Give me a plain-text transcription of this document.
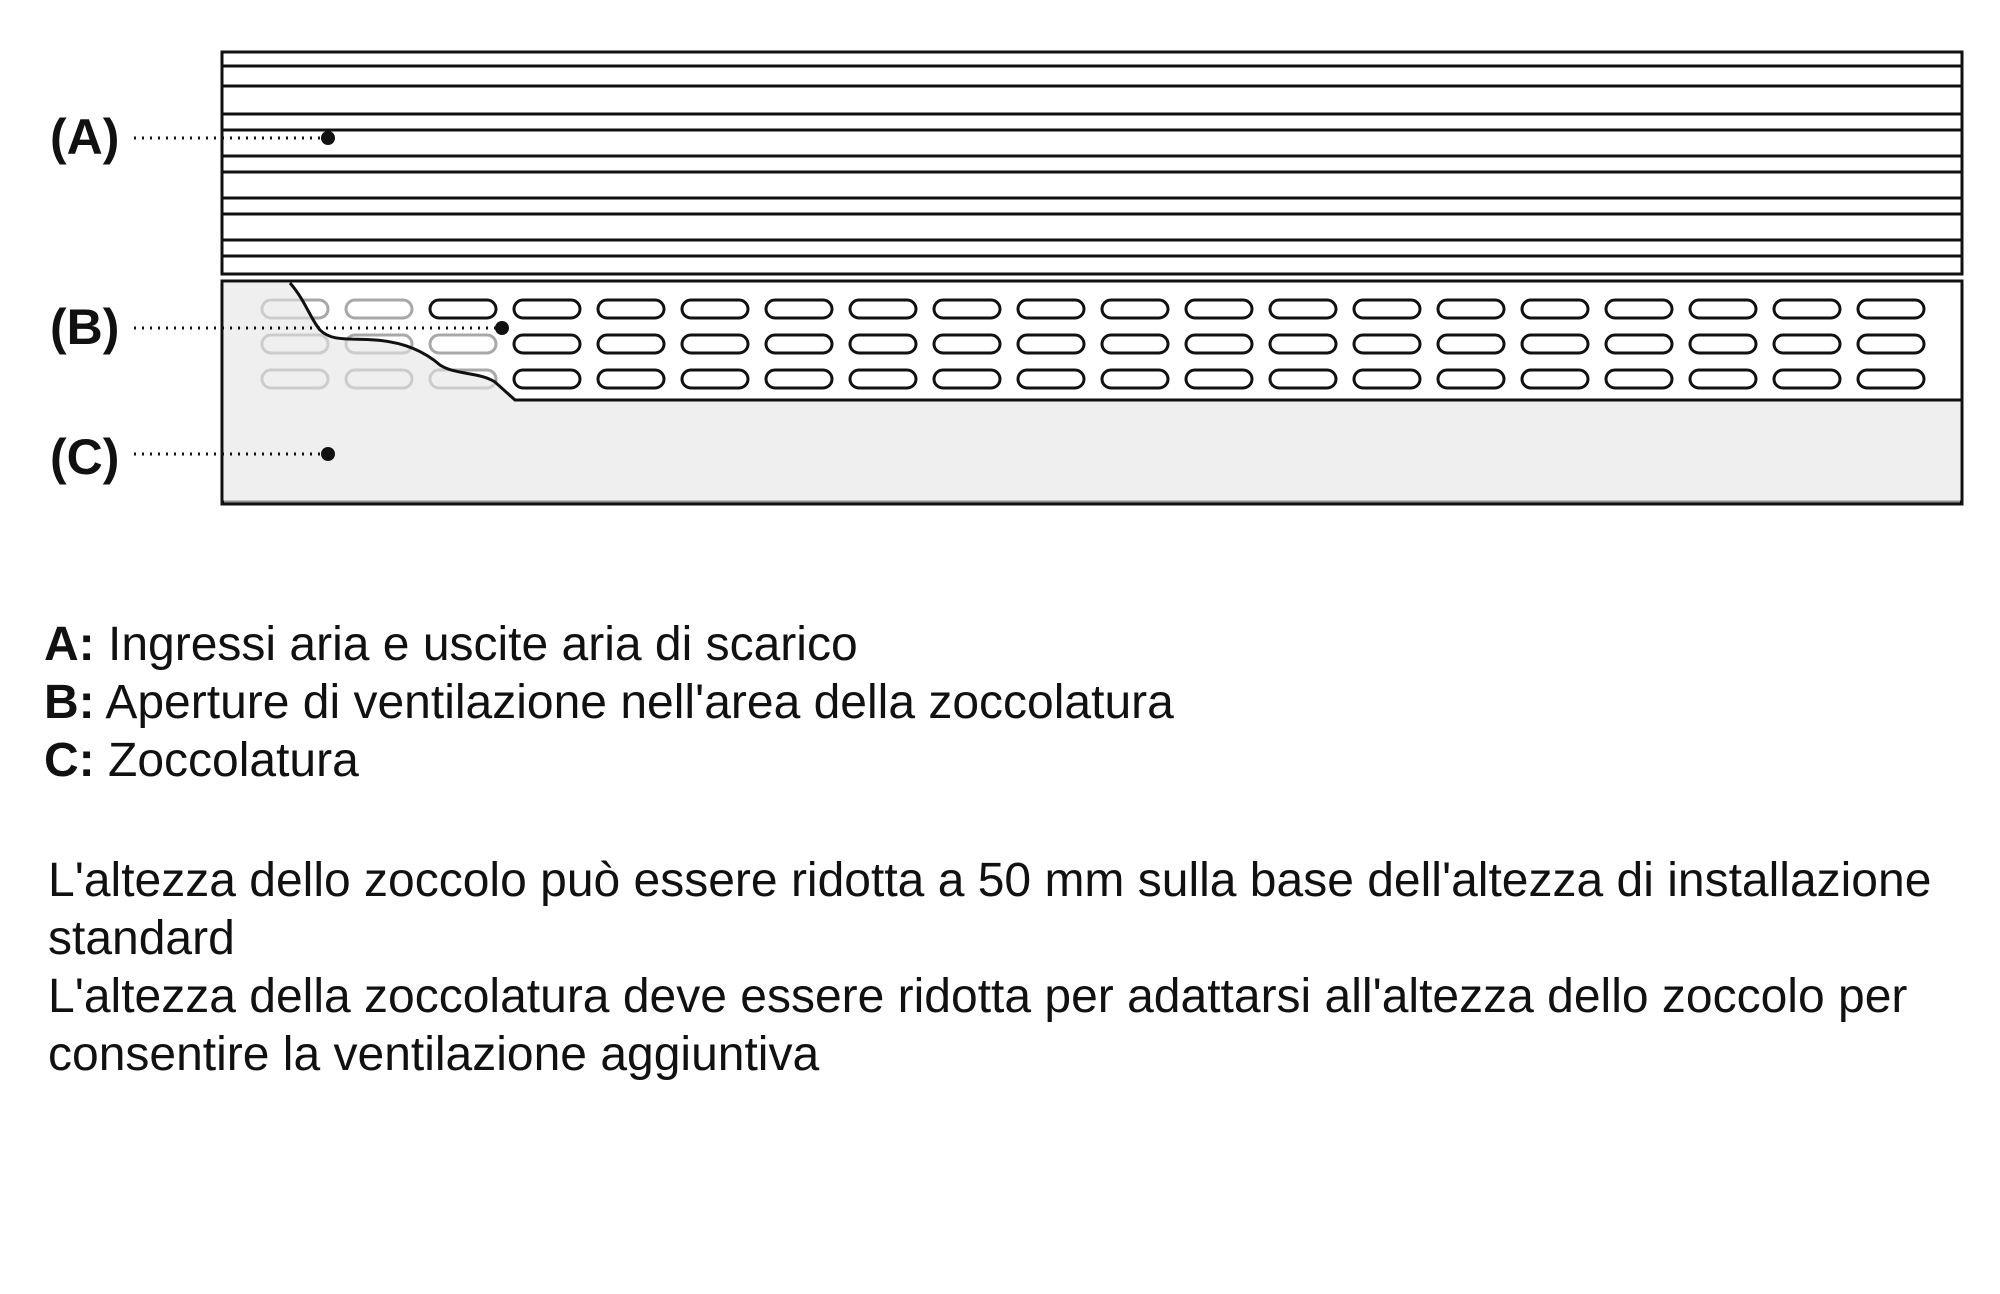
(A)
(B)
(C)
A: Ingressi aria e uscite aria di scarico
B: Aperture di ventilazione nell'area della zoccolatura
C: Zoccolatura

L'altezza dello zoccolo può essere ridotta a 50 mm sulla base dell'altezza di installazione standard

L'altezza della zoccolatura deve essere ridotta per adattarsi all'altezza dello zoccolo per consentire la ventilazione aggiuntiva
